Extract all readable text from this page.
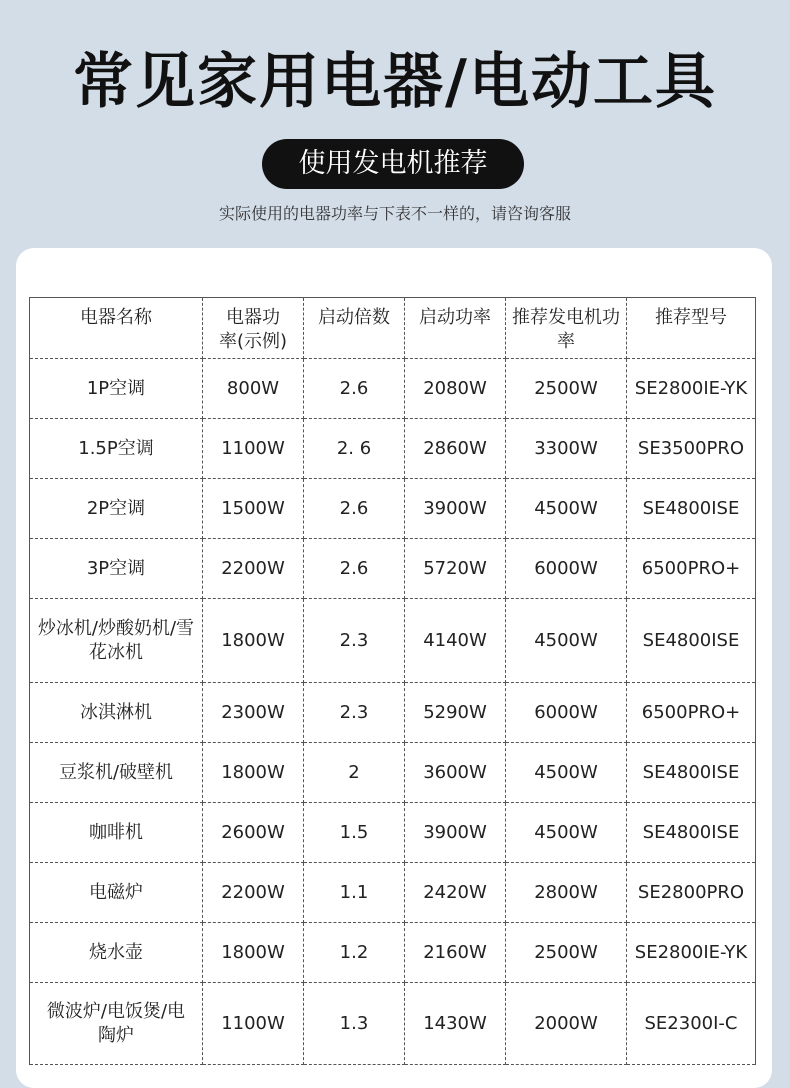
常见家用电器/电动工具
使用发电机推荐
实际使用的电器功率与下表不一样的，请咨询客服
电器名称	电器功率(示例)	启动倍数	启动功率	推荐发电机功率	推荐型号
1P空调	800W	2.6	2080W	2500W	SE2800IE-YK
1.5P空调	1100W	2. 6	2860W	3300W	SE3500PRO
2P空调	1500W	2.6	3900W	4500W	SE4800ISE
3P空调	2200W	2.6	5720W	6000W	6500PRO+

炒冰机/炒酸奶机/雪花冰机	1800W	2.3	4140W	4500W	SE4800ISE
冰淇淋机	2300W	2.3	5290W	6000W	6500PRO+
豆浆机/破壁机	1800W	2	3600W	4500W	SE4800ISE
咖啡机	2600W	1.5	3900W	4500W	SE4800ISE
电磁炉	2200W	1.1	2420W	2800W	SE2800PRO
烧水壶	1800W	1.2	2160W	2500W	SE2800IE-YK

微波炉/电饭煲/电陶炉	1100W	1.3	1430W	2000W	SE2300I-C
